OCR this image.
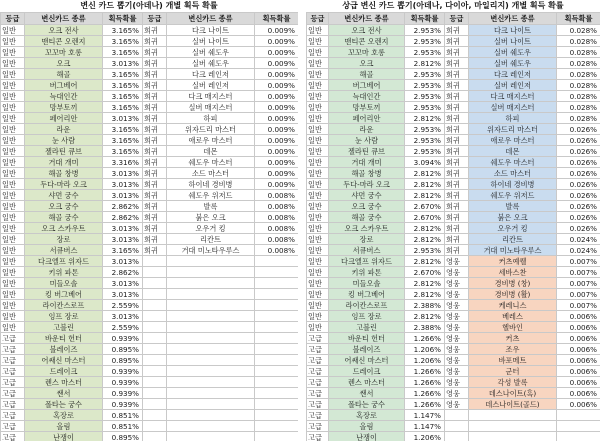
변신 카드 뽑기(아데나) 개별 획득 확률
등급	변신카드 종류	획득확률	등급	변신카드 종류	획득확률
일반	오크 전사	3.165%	희귀	다크 나이트	0.009%
일반	맨티콘 오렌지	3.165%	희귀	실버 나이트	0.009%
일반	꼬꼬마 호롱	3.165%	희귀	실버 쉐도우	0.009%
일반	오크	3.013%	희귀	실버 쉐도우	0.009%
일반	해골	3.165%	희귀	다크 레인저	0.009%
일반	버그베어	3.165%	희귀	실버 레인저	0.009%
일반	늑대인간	3.165%	희귀	다크 매지스터	0.009%
일반	망부토끼	3.165%	희귀	실버 매지스터	0.009%
일반	페어리안	3.013%	희귀	하피	0.009%
일반	라운	3.165%	희귀	위자드리 마스터	0.009%
일반	눈 사람	3.165%	희귀	애로우 마스터	0.009%
일반	젤라틴 큐브	3.165%	희귀	데몬	0.009%
일반	거대 개미	3.316%	희귀	쉐도우 마스터	0.009%
일반	해골 창병	3.013%	희귀	소드 마스터	0.009%
일반	두다-마라 오크	3.013%	희귀	하이네 경비병	0.009%
일반	샤먼 궁수	3.013%	희귀	쉐도우 위저드	0.008%
일반	오크 궁수	2.862%	희귀	발록	0.008%
일반	해골 궁수	2.862%	희귀	붉은 오크	0.008%
일반	오크 스카우트	3.013%	희귀	오우거 킹	0.008%
일반	장로	3.013%	희귀	리칸트	0.008%
일반	서큐버스	3.165%	희귀	거대 미노타우루스	0.008%
일반	다크엘프 위자드	3.013%			
일반	키위 파톤	2.862%			
일반	미들오솔	3.013%			
일반	킹 버그베어	3.013%			
일반	라이칸스로프	2.559%			
일반	잉프 장로	3.013%			
일반	고블린	2.559%			
고급	바운티 헌터	0.939%			
고급	블레이즈	0.895%			
고급	어쌔신 마스터	0.895%			
고급	드레이크	0.939%			
고급	렌스 마스터	0.939%			
고급	쌘서	0.939%			
고급	폴타는 궁수	0.939%			
고급	혹장로	0.851%			
고급	올림	0.851%			
고급	난쟁이	0.895%			
상급 변신 카드 뽑기(아데나, 다이아, 마일리지) 개별 획득 확률
등급	변신카드 종류	획득확률	등급	변신카드 종류	획득확률
일반	오크 전사	2.953%	희귀	다크 나이트	0.028%
일반	맨티콘 오렌지	2.953%	희귀	실버 나이트	0.028%
일반	꼬꼬마 호롱	2.953%	희귀	실버 쉐도우	0.028%
일반	오크	2.812%	희귀	실버 쉐도우	0.028%
일반	해골	2.953%	희귀	다크 레인저	0.028%
일반	버그베어	2.953%	희귀	실버 레인저	0.028%
일반	늑대인간	2.953%	희귀	다크 매지스터	0.028%
일반	망부토끼	2.953%	희귀	실버 매지스터	0.028%
일반	페어리안	2.812%	희귀	하피	0.028%
일반	라운	2.953%	희귀	위자드리 마스터	0.026%
일반	눈 사람	2.953%	희귀	애로우 마스터	0.026%
일반	젤라틴 큐브	2.953%	희귀	데몬	0.026%
일반	거대 개미	3.094%	희귀	쉐도우 마스터	0.026%
일반	해골 창병	2.812%	희귀	소드 마스터	0.026%
일반	두다-마라 오크	2.812%	희귀	하이네 경비병	0.026%
일반	샤먼 궁수	2.812%	희귀	쉐도우 위저드	0.026%
일반	오크 궁수	2.670%	희귀	발록	0.026%
일반	해골 궁수	2.670%	희귀	붉은 오크	0.026%
일반	오크 스카우트	2.812%	희귀	오우거 킹	0.026%
일반	장로	2.812%	희귀	리칸트	0.024%
일반	서큐버스	2.953%	희귀	거대 미노타우루스	0.024%
일반	다크엘프 위자드	2.812%	영웅	커츠예퀠	0.007%
일반	키위 파톤	2.670%	영웅	세바스찬	0.007%
일반	미들오솔	2.812%	영웅	경비병 (창)	0.007%
일반	킹 버그베어	2.812%	영웅	경비병 (활)	0.007%
일반	라이칸스로프	2.388%	영웅	케레니스	0.007%
일반	잉프 장로	2.812%	영웅	베레스	0.006%
일반	고블린	2.388%	영웅	헬바인	0.006%
고급	바운티 헌터	1.266%	영웅	커츠	0.006%
고급	블레이즈	1.206%	영웅	조우	0.006%
고급	어쌔신 마스터	1.206%	영웅	바포메트	0.006%
고급	드레이크	1.266%	영웅	군터	0.006%
고급	렌스 마스터	1.266%	영웅	각성 발록	0.006%
고급	쌘서	1.266%	영웅	데스나이트(흑)	0.006%
고급	폴타는 궁수	1.266%	영웅	데스나이트(골드)	0.006%
고급	혹장로	1.147%			
고급	올림	1.147%			
고급	난쟁이	1.206%			
